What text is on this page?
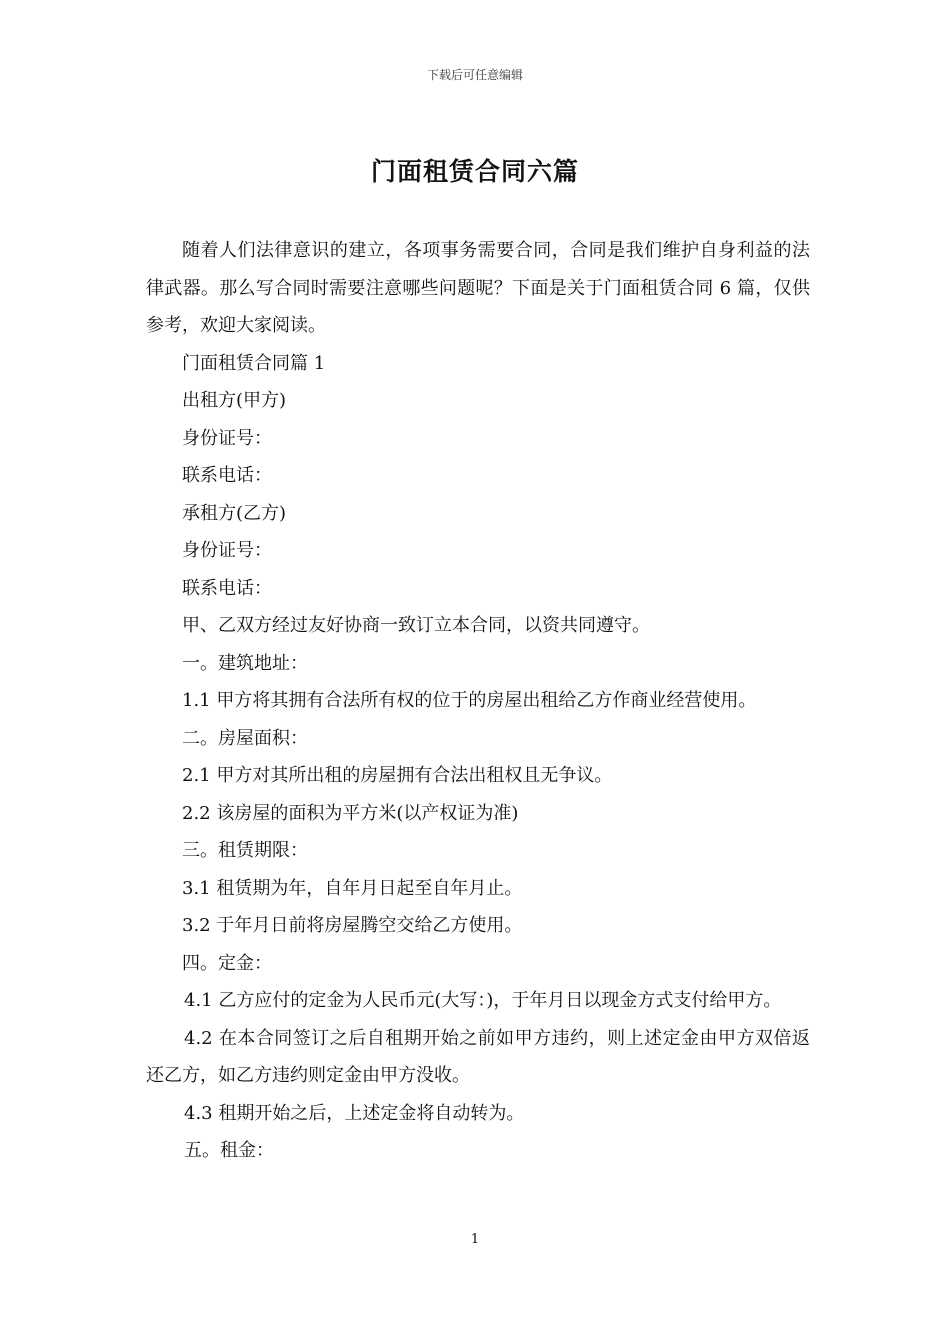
下载后可任意编辑
门面租赁合同六篇

随着人们法律意识的建立，各项事务需要合同，合同是我们维护自身利益的法律武器。那么写合同时需要注意哪些问题呢？下面是关于门面租赁合同 6 篇，仅供参考，欢迎大家阅读。

门面租赁合同篇 1

出租方(甲方)

身份证号：

联系电话：

承租方(乙方)

身份证号：

联系电话：

甲、乙双方经过友好协商一致订立本合同，以资共同遵守。

一。建筑地址：

1.1 甲方将其拥有合法所有权的位于的房屋出租给乙方作商业经营使用。

二。房屋面积：

2.1 甲方对其所出租的房屋拥有合法出租权且无争议。

2.2 该房屋的面积为平方米(以产权证为准)

三。租赁期限：

3.1 租赁期为年，自年月日起至自年月止。

3.2 于年月日前将房屋腾空交给乙方使用。

四。定金：

4.1 乙方应付的定金为人民币元(大写：)，于年月日以现金方式支付给甲方。

4.2 在本合同签订之后自租期开始之前如甲方违约，则上述定金由甲方双倍返还乙方，如乙方违约则定金由甲方没收。

4.3 租期开始之后，上述定金将自动转为。

五。租金：

1
